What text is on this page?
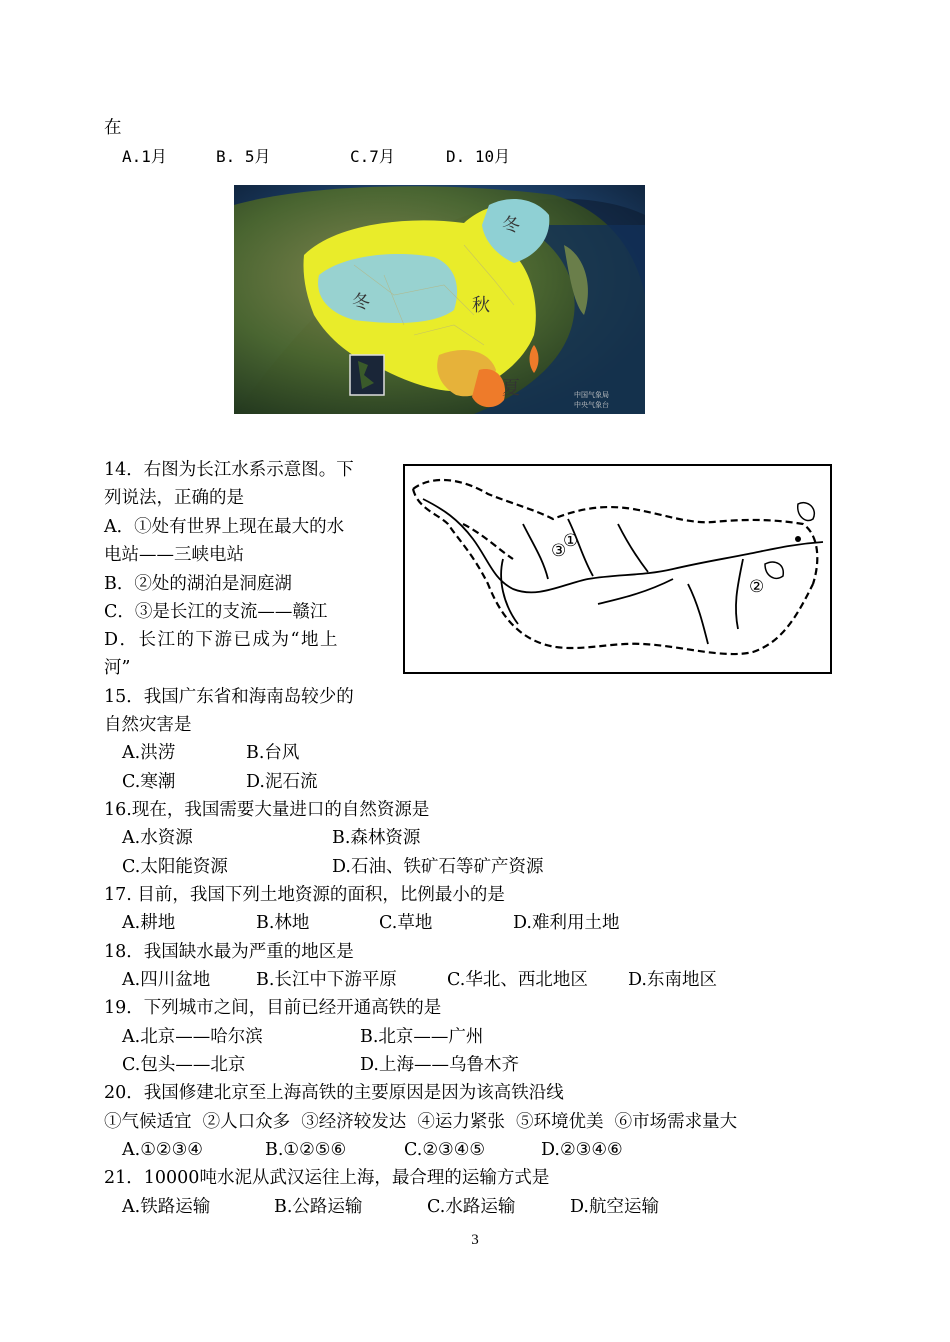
在
A.1月	B. 5月	C.7月	D. 10月
冬
冬	秋
夏	中国气象局
中央气象台
14．右图为长江水系示意图。下
列说法，正确的是
A．①处有世界上现在最大的水
电站——三峡电站
B．②处的湖泊是洞庭湖
C．③是长江的支流——赣江
D．长江的下游已成为“地上
河”
①
②
③
15．我国广东省和海南岛较少的
自然灾害是
A.洪涝	B.台风
C.寒潮	D.泥石流
16.现在，我国需要大量进口的自然资源是
A.水资源	B.森林资源
C.太阳能资源	D.石油、铁矿石等矿产资源
17. 目前，我国下列土地资源的面积，比例最小的是
A.耕地	B.林地	C.草地	D.难利用土地
18．我国缺水最为严重的地区是
A.四川盆地	B.长江中下游平原	C.华北、西北地区 D.东南地区
19．下列城市之间，目前已经开通高铁的是
A.北京——哈尔滨	B.北京——广州
C.包头——北京	D.上海——乌鲁木齐
20．我国修建北京至上海高铁的主要原因是因为该高铁沿线
①气候适宜  ②人口众多  ③经济较发达  ④运力紧张  ⑤环境优美  ⑥市场需求量大
A.①②③④	B.①②⑤⑥	C.②③④⑤	D.②③④⑥
21．10000吨水泥从武汉运往上海，最合理的运输方式是
A.铁路运输	B.公路运输	C.水路运输	D.航空运输
3
